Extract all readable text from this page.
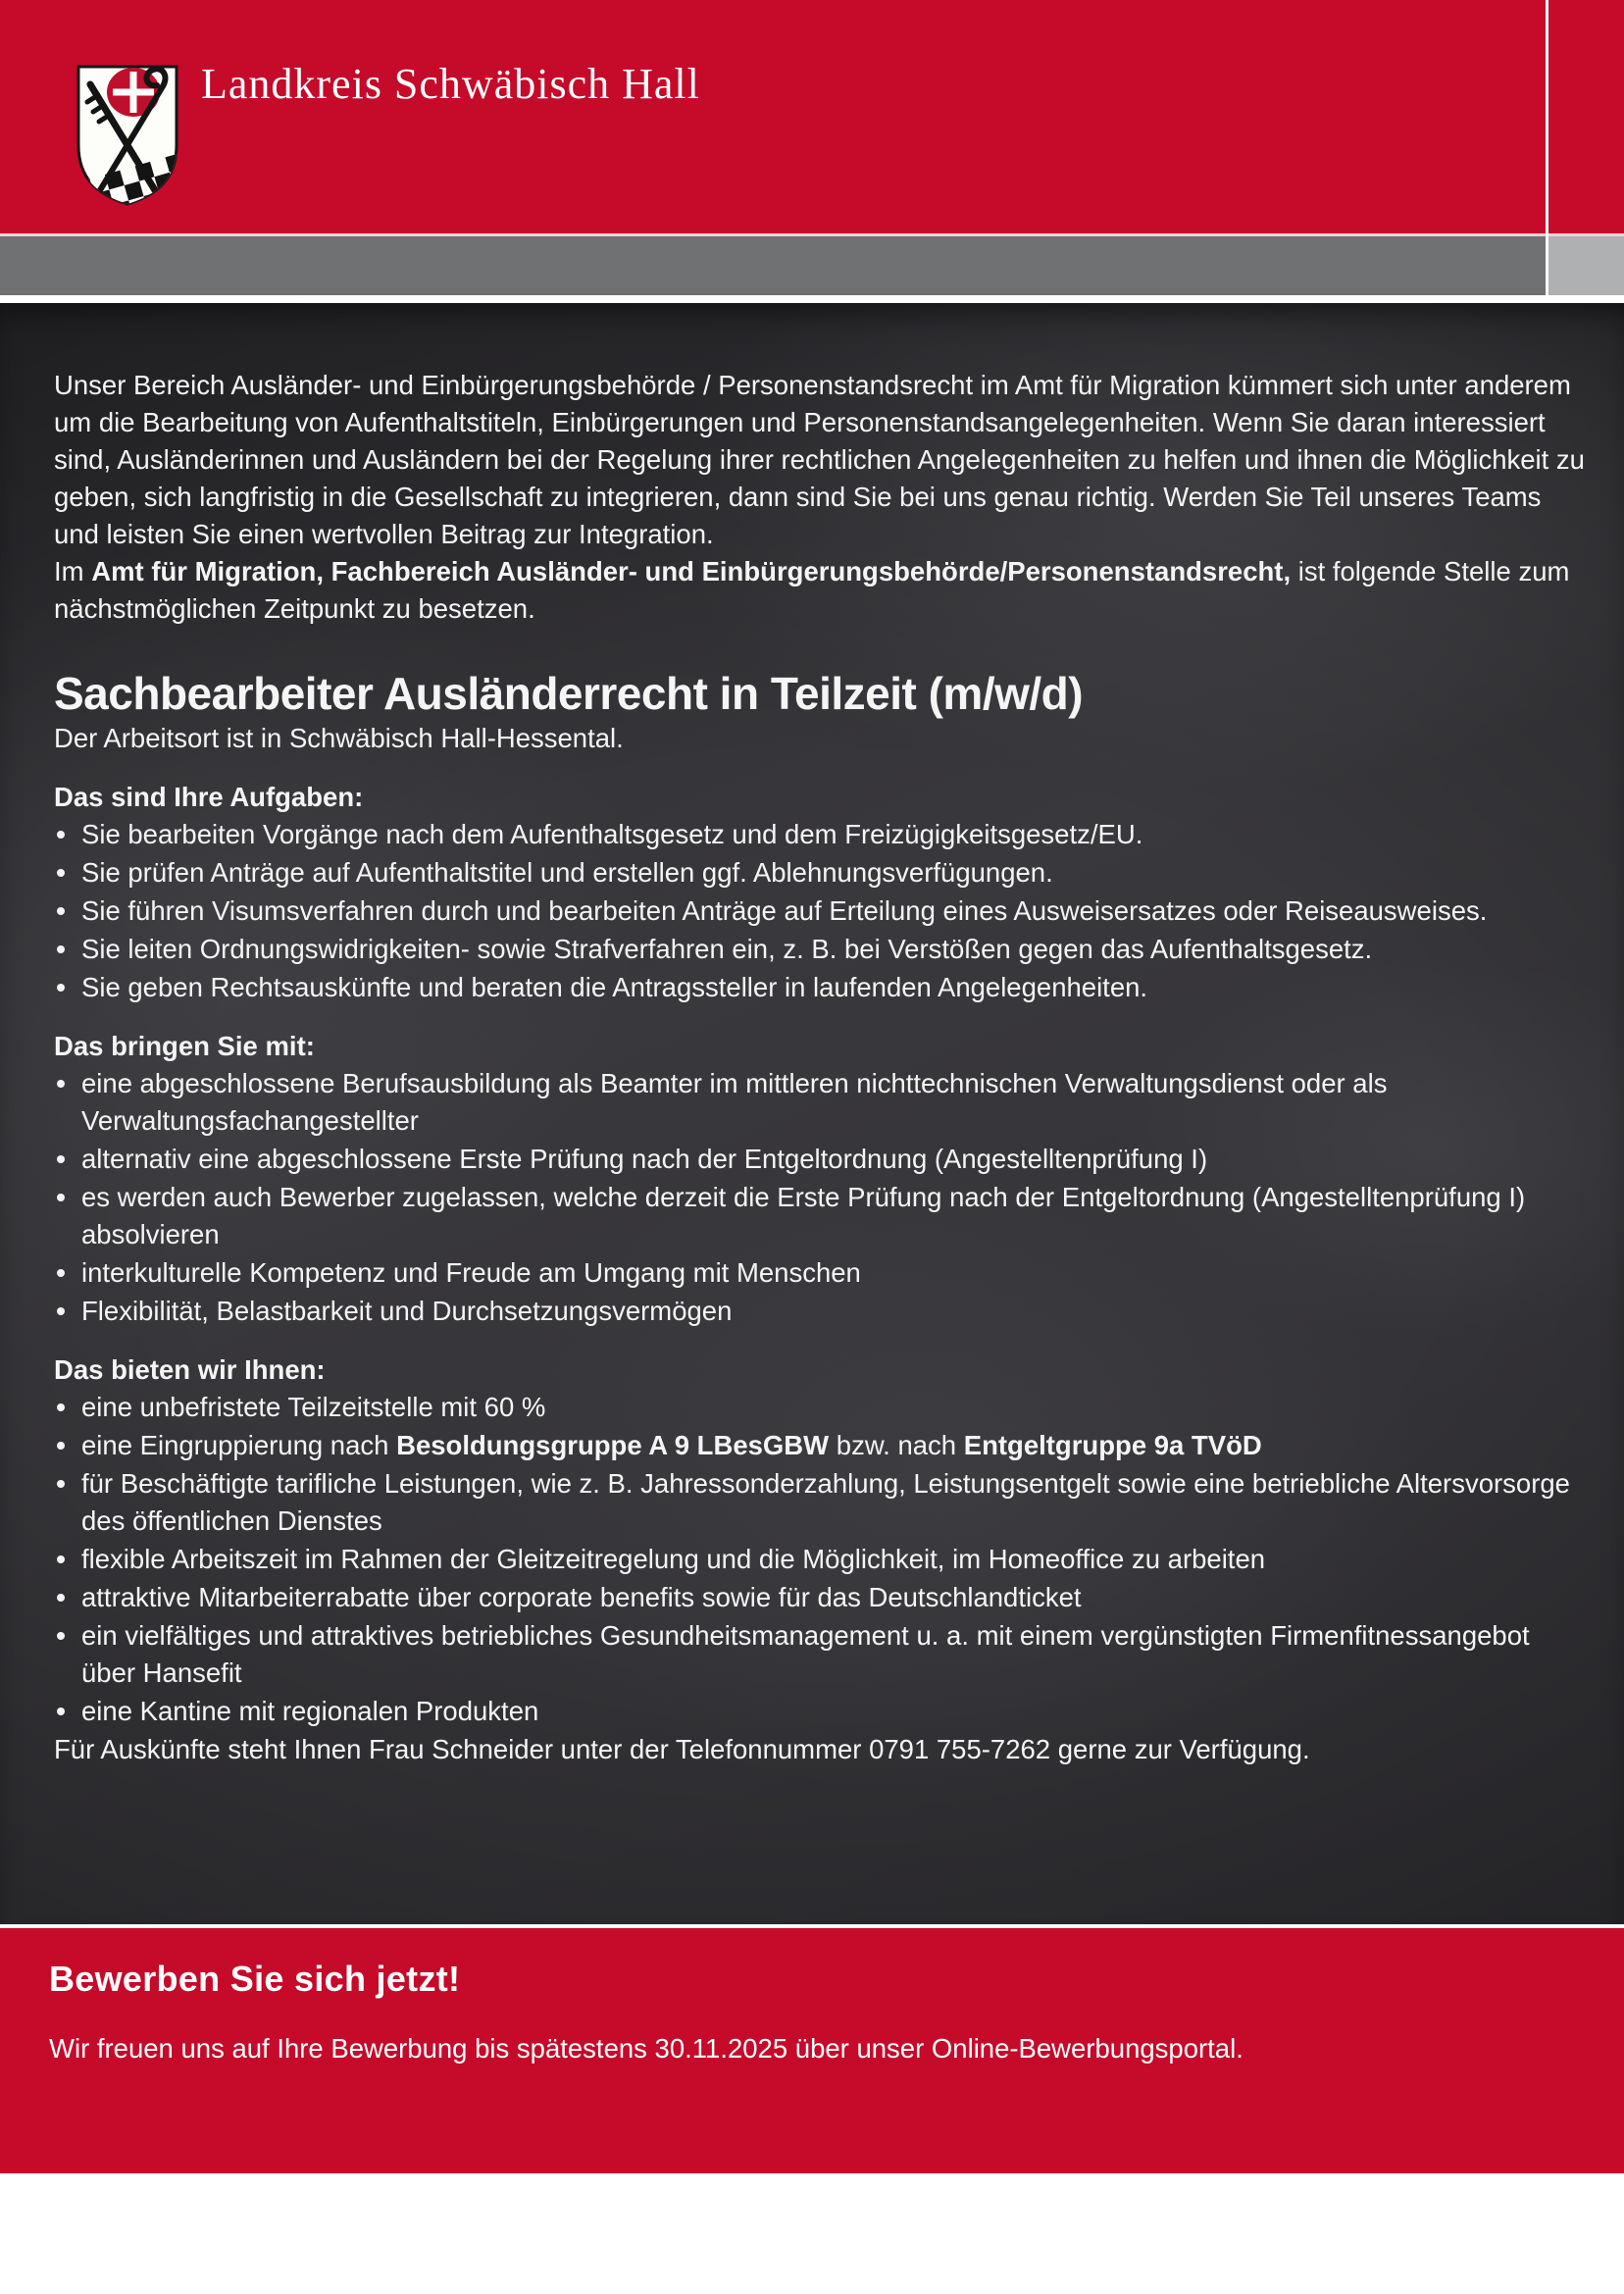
Landkreis Schwäbisch Hall

Unser Bereich Ausländer- und Einbürgerungsbehörde / Personenstandsrecht im Amt für Migration kümmert sich unter anderem um die Bearbeitung von Aufenthaltstiteln, Einbürgerungen und Personenstandsangelegenheiten. Wenn Sie daran interessiert sind, Ausländerinnen und Ausländern bei der Regelung ihrer rechtlichen Angelegenheiten zu helfen und ihnen die Möglichkeit zu geben, sich langfristig in die Gesellschaft zu integrieren, dann sind Sie bei uns genau richtig. Werden Sie Teil unseres Teams und leisten Sie einen wertvollen Beitrag zur Integration.

Im Amt für Migration, Fachbereich Ausländer- und Einbürgerungsbehörde/Personenstandsrecht, ist folgende Stelle zum nächstmöglichen Zeitpunkt zu besetzen.

Sachbearbeiter Ausländerrecht in Teilzeit (m/w/d)

Der Arbeitsort ist in Schwäbisch Hall-Hessental.

Das sind Ihre Aufgaben:
Sie bearbeiten Vorgänge nach dem Aufenthaltsgesetz und dem Freizügigkeitsgesetz/EU.
Sie prüfen Anträge auf Aufenthaltstitel und erstellen ggf. Ablehnungsverfügungen.
Sie führen Visumsverfahren durch und bearbeiten Anträge auf Erteilung eines Ausweisersatzes oder Reiseausweises.
Sie leiten Ordnungswidrigkeiten- sowie Strafverfahren ein, z. B. bei Verstößen gegen das Aufenthaltsgesetz.
Sie geben Rechtsauskünfte und beraten die Antragssteller in laufenden Angelegenheiten.
Das bringen Sie mit:
eine abgeschlossene Berufsausbildung als Beamter im mittleren nichttechnischen Verwaltungsdienst oder als Verwaltungsfachangestellter
alternativ eine abgeschlossene Erste Prüfung nach der Entgeltordnung (Angestelltenprüfung I)
es werden auch Bewerber zugelassen, welche derzeit die Erste Prüfung nach der Entgeltordnung (Angestelltenprüfung I) absolvieren
interkulturelle Kompetenz und Freude am Umgang mit Menschen
Flexibilität, Belastbarkeit und Durchsetzungsvermögen
Das bieten wir Ihnen:
eine unbefristete Teilzeitstelle mit 60 %
eine Eingruppierung nach Besoldungsgruppe A 9 LBesGBW bzw. nach Entgeltgruppe 9a TVöD
für Beschäftigte tarifliche Leistungen, wie z. B. Jahressonderzahlung, Leistungsentgelt sowie eine betriebliche Altersvorsorge des öffentlichen Dienstes
flexible Arbeitszeit im Rahmen der Gleitzeitregelung und die Möglichkeit, im Homeoffice zu arbeiten
attraktive Mitarbeiterrabatte über corporate benefits sowie für das Deutschlandticket
ein vielfältiges und attraktives betriebliches Gesundheitsmanagement u. a. mit einem vergünstigten Firmenfitnessangebot über Hansefit
eine Kantine mit regionalen Produkten

Für Auskünfte steht Ihnen Frau Schneider unter der Telefonnummer 0791 755-7262 gerne zur Verfügung.

Bewerben Sie sich jetzt!

Wir freuen uns auf Ihre Bewerbung bis spätestens 30.11.2025 über unser Online-Bewerbungsportal.
